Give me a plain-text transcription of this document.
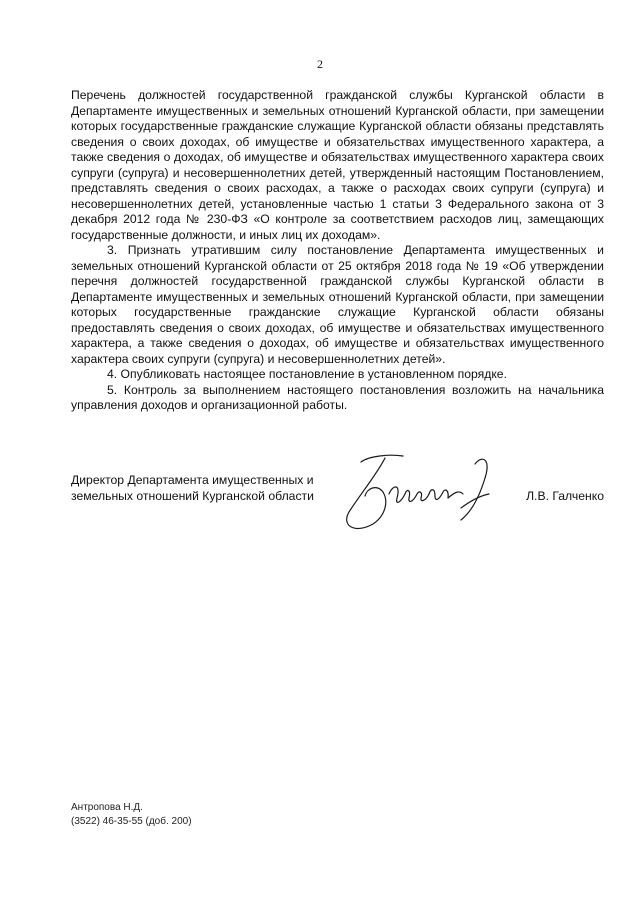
2

Перечень должностей государственной гражданской службы Курганской области в Департаменте имущественных и земельных отношений Курганской области, при замещении которых государственные гражданские служащие Курганской области обязаны представлять сведения о своих доходах, об имуществе и обязательствах имущественного характера, а также сведения о доходах, об имуществе и обязательствах имущественного характера своих супруги (супруга) и несовершеннолетних детей, утвержденный настоящим Постановлением, представлять сведения о своих расходах, а также о расходах своих супруги (супруга) и несовершеннолетних детей, установленные частью 1 статьи 3 Федерального закона от 3 декабря 2012 года № 230-ФЗ «О контроле за соответствием расходов лиц, замещающих государственные должности, и иных лиц их доходам».

3. Признать утратившим силу постановление Департамента имущественных и земельных отношений Курганской области от 25 октября 2018 года № 19 «Об утверждении перечня должностей государственной гражданской службы Курганской области в Департаменте имущественных и земельных отношений Курганской области, при замещении которых государственные гражданские служащие Курганской области обязаны предоставлять сведения о своих доходах, об имуществе и обязательствах имущественного характера, а также сведения о доходах, об имуществе и обязательствах имущественного характера своих супруги (супруга) и несовершеннолетних детей».

4. Опубликовать настоящее постановление в установленном порядке.

5. Контроль за выполнением настоящего постановления возложить на начальника управления доходов и организационной работы.

Директор Департамента имущественных и
земельных отношений Курганской области	Л.В. Галченко
Антропова Н.Д.
(3522) 46-35-55 (доб. 200)
